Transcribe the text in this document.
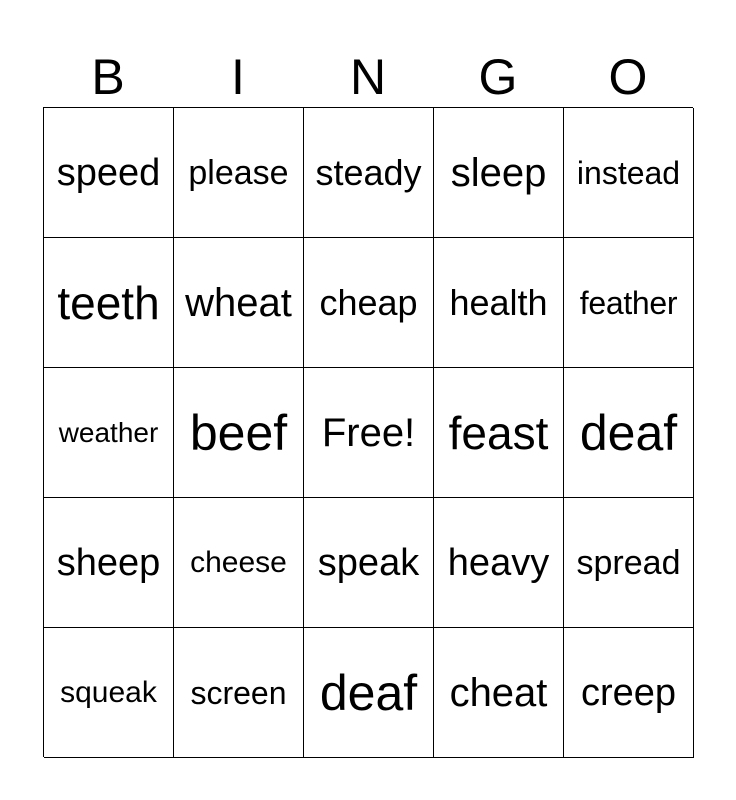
B	I	N	G	O
speed please steady sleep instead
teeth wheat cheap health	feather
weather beef Free! feast deaf
sheep cheese speak heavy spread
squeak	screen deaf cheat creep
